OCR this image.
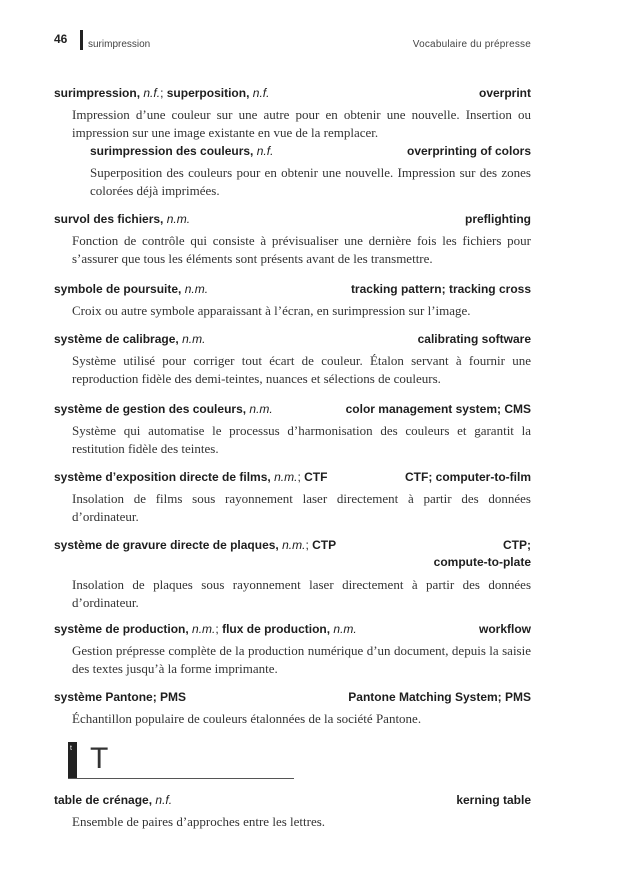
46 surimpression	Vocabulaire du prépresse
surimpression, n.f.; superposition, n.f.	overprint
Impression d’une couleur sur une autre pour en obtenir une nouvelle. Insertion ou impression sur une image existante en vue de la remplacer.
surimpression des couleurs, n.f.	overprinting of colors
Superposition des couleurs pour en obtenir une nouvelle. Impression sur des zones colorées déjà imprimées.
survol des fichiers, n.m.	preflighting
Fonction de contrôle qui consiste à prévisualiser une dernière fois les fichiers pour s’assurer que tous les éléments sont présents avant de les transmettre.
symbole de poursuite, n.m.	tracking pattern; tracking cross
Croix ou autre symbole apparaissant à l’écran, en surimpression sur l’image.
système de calibrage, n.m.	calibrating software
Système utilisé pour corriger tout écart de couleur. Étalon servant à fournir une reproduction fidèle des demi-teintes, nuances et sélections de couleurs.
système de gestion des couleurs, n.m.	color management system; CMS
Système qui automatise le processus d’harmonisation des couleurs et garantit la restitution fidèle des teintes.
système d’exposition directe de films, n.m.; CTF	CTF; computer-to-film
Insolation de films sous rayonnement laser directement à partir des données d’ordinateur.
système de gravure directe de plaques, n.m.; CTP	CTP;
compute-to-plate
Insolation de plaques sous rayonnement laser directement à partir des données d’ordinateur.
système de production, n.m.; flux de production, n.m.	workflow
Gestion prépresse complète de la production numérique d’un document, depuis la saisie des textes jusqu’à la forme imprimante.
système Pantone; PMS	Pantone Matching System; PMS
Échantillon populaire de couleurs étalonnées de la société Pantone.
t T
table de crénage, n.f.	kerning table
Ensemble de paires d’approches entre les lettres.
